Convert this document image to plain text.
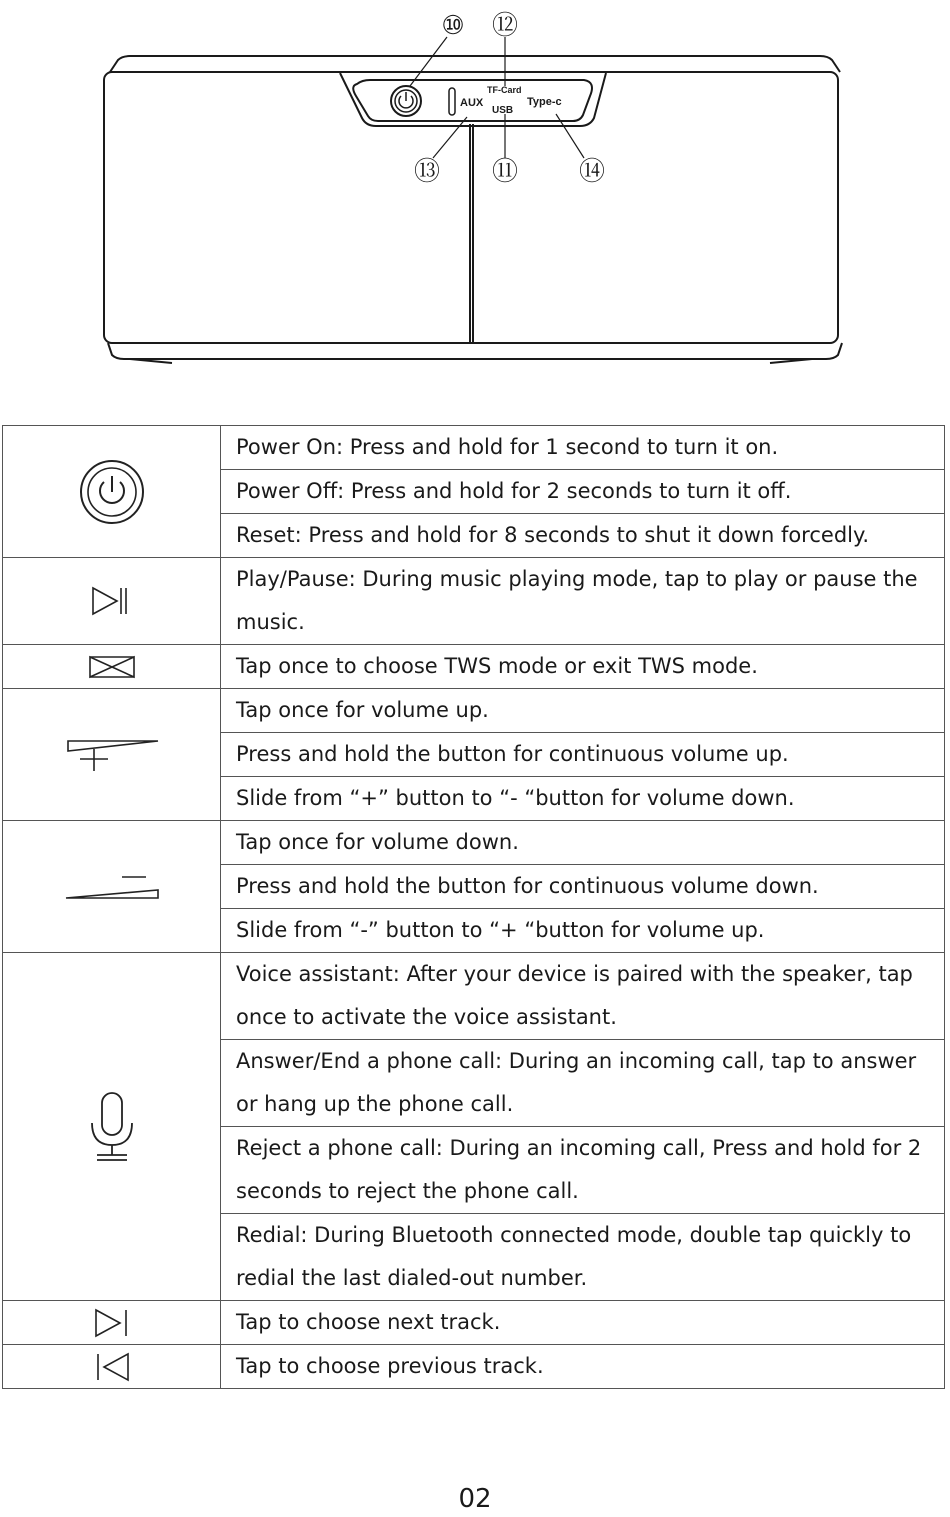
AUX
TF-Card
USB
Type-c
⑩ ⑫
⑬ ⑪ ⑭
	Power On: Press and hold for 1 second to turn it on.
	Power Off: Press and hold for 2 seconds to turn it off.
	Reset: Press and hold for 8 seconds to shut it down forcedly.

	Play/Pause: During music playing mode, tap to play or pause the music.

	Tap once to choose TWS mode or exit TWS mode.

	Tap once for volume up.
	Press and hold the button for continuous volume up.
	Slide from “+” button to “- “button for volume down.

	Tap once for volume down.
	Press and hold the button for continuous volume down.
	Slide from “-” button to “+ “button for volume up.

	Voice assistant: After your device is paired with the speaker, tap once to activate the voice assistant.
	Answer/End a phone call: During an incoming call, tap to answer or hang up the phone call.
	Reject a phone call: During an incoming call, Press and hold for 2 seconds to reject the phone call.
	Redial: During Bluetooth connected mode, double tap quickly to redial the last dialed-out number.

	Tap to choose next track.

	Tap to choose previous track.
02
